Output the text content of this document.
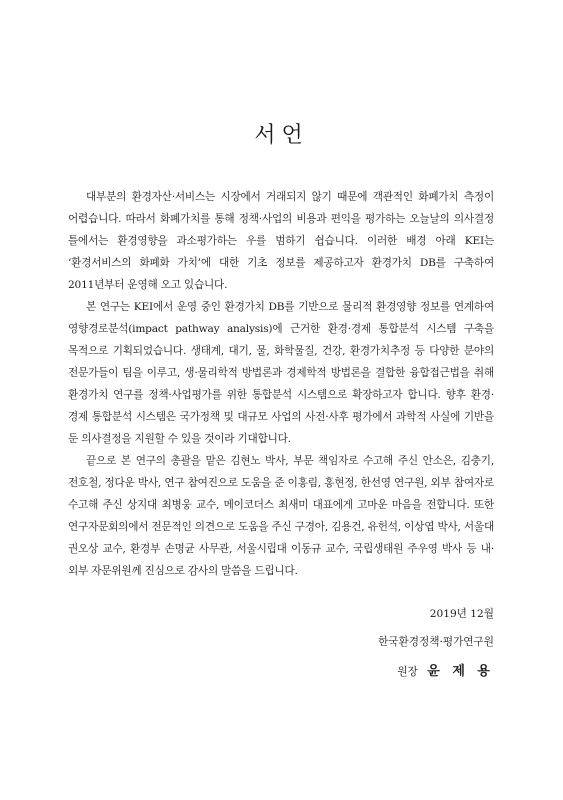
서언

대부분의 환경자산·서비스는 시장에서 거래되지 않기 때문에 객관적인 화폐가치 측정이 어렵습니다. 따라서 화폐가치를 통해 정책·사업의 비용과 편익을 평가하는 오늘날의 의사결정 틀에서는 환경영향을 과소평가하는 우를 범하기 쉽습니다. 이러한 배경 아래 KEI는 ‘환경서비스의 화폐화 가치’에 대한 기초 정보를 제공하고자 환경가치 DB를 구축하여 2011년부터 운영해 오고 있습니다.

본 연구는 KEI에서 운영 중인 환경가치 DB를 기반으로 물리적 환경영향 정보를 연계하여 영향경로분석(impact pathway analysis)에 근거한 환경·경제 통합분석 시스템 구축을 목적으로 기획되었습니다. 생태계, 대기, 물, 화학물질, 건강, 환경가치추정 등 다양한 분야의 전문가들이 팀을 이루고, 생·물리학적 방법론과 경제학적 방법론을 결합한 융합접근법을 취해 환경가치 연구를 정책·사업평가를 위한 통합분석 시스템으로 확장하고자 합니다. 향후 환경·경제 통합분석 시스템은 국가정책 및 대규모 사업의 사전·사후 평가에서 과학적 사실에 기반을 둔 의사결정을 지원할 수 있을 것이라 기대합니다.

끝으로 본 연구의 총괄을 맡은 김현노 박사, 부문 책임자로 수고해 주신 안소은, 김충기, 전호철, 정다운 박사, 연구 참여진으로 도움을 준 이홍림, 홍현정, 한선영 연구원, 외부 참여자로 수고해 주신 상지대 최병웅 교수, 메이코더스 최새미 대표에게 고마운 마음을 전합니다. 또한 연구자문회의에서 전문적인 의견으로 도움을 주신 구경아, 김용건, 유헌석, 이상엽 박사, 서울대 권오상 교수, 환경부 손명균 사무관, 서울시립대 이동규 교수, 국립생태원 주우영 박사 등 내·외부 자문위원께 진심으로 감사의 말씀을 드립니다.

2019년 12월
한국환경정책·평가연구원
원장 윤 제 용
